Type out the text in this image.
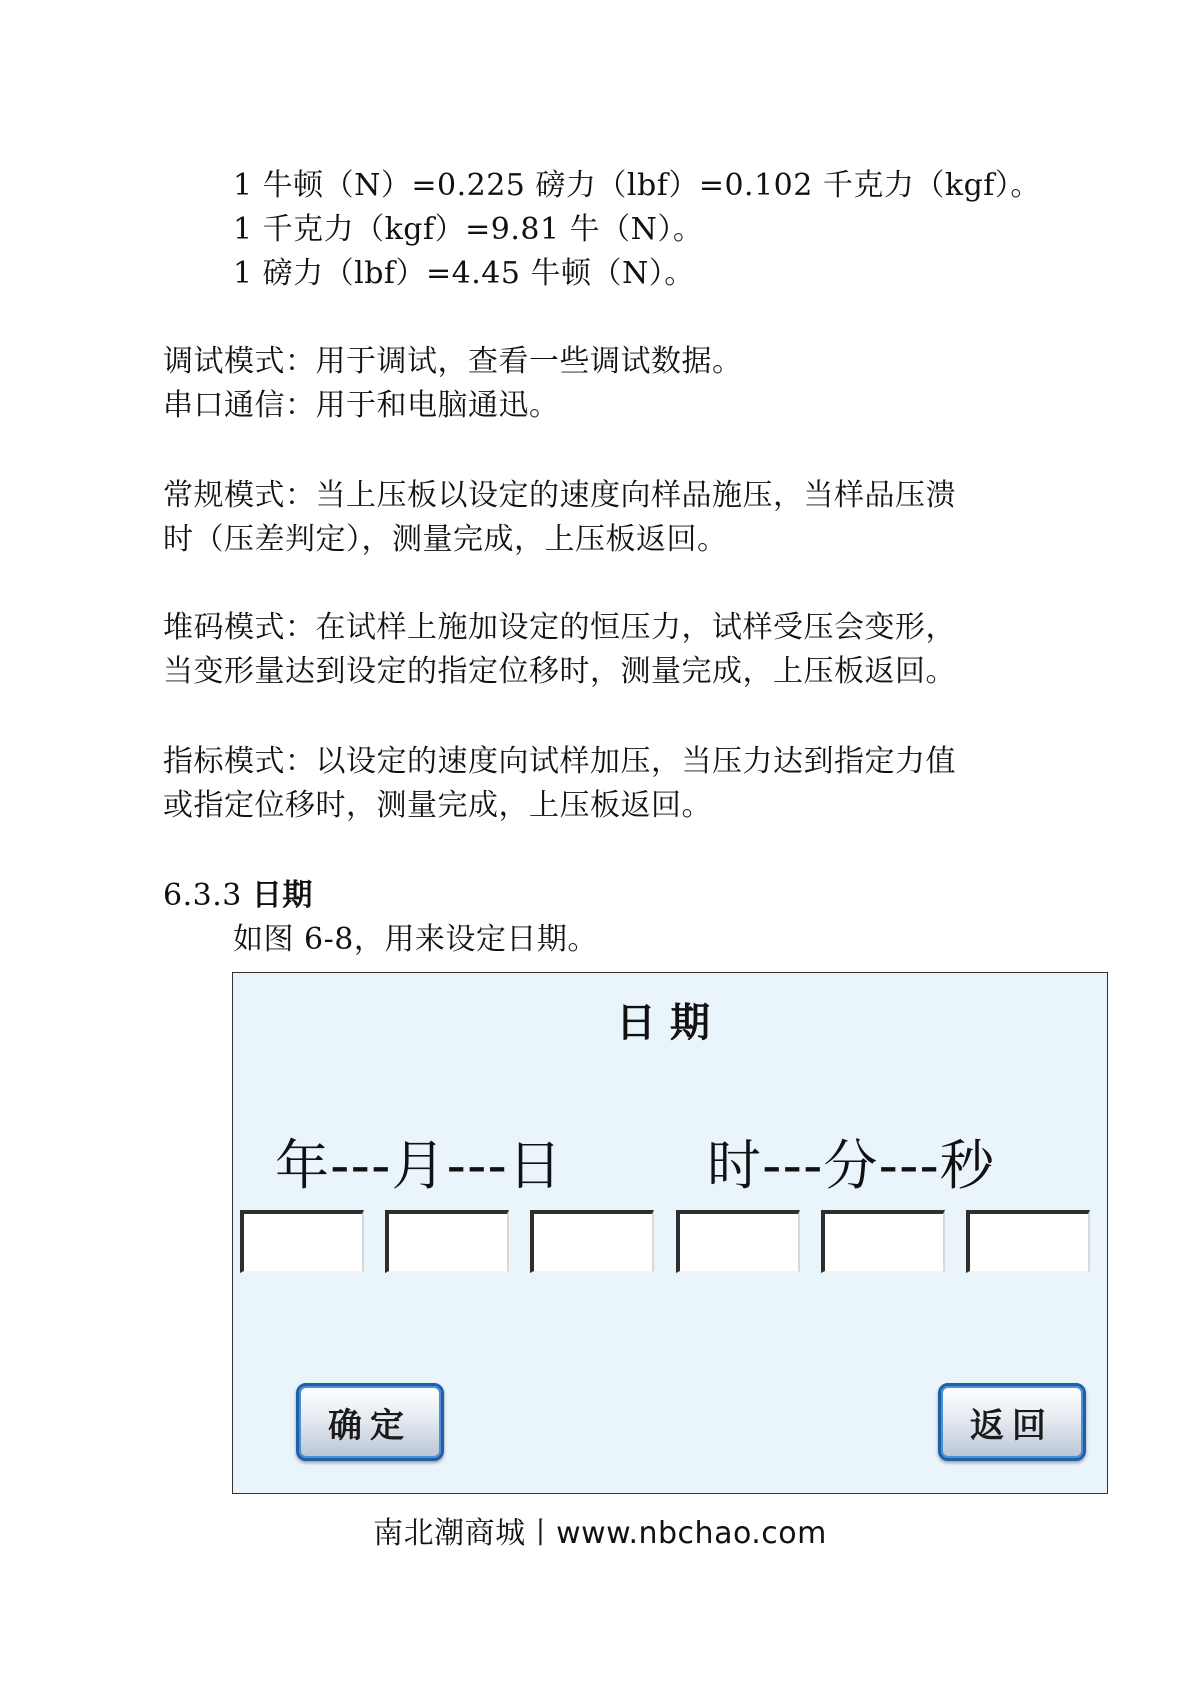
1 牛顿（N）=0.225 磅力（lbf）=0.102 千克力（kgf）。
1 千克力（kgf）=9.81 牛（N）。
1 磅力（lbf）=4.45 牛顿（N）。
调试模式：用于调试，查看一些调试数据。
串口通信：用于和电脑通迅。
常规模式：当上压板以设定的速度向样品施压，当样品压溃
时（压差判定），测量完成，上压板返回。
堆码模式：在试样上施加设定的恒压力，试样受压会变形，
当变形量达到设定的指定位移时，测量完成，上压板返回。
指标模式：以设定的速度向试样加压，当压力达到指定力值
或指定位移时，测量完成，上压板返回。
6.3.3 日期
如图 6-8，用来设定日期。
日期
年---月---日	时---分---秒
确定	返回
南北潮商城丨www.nbchao.com
